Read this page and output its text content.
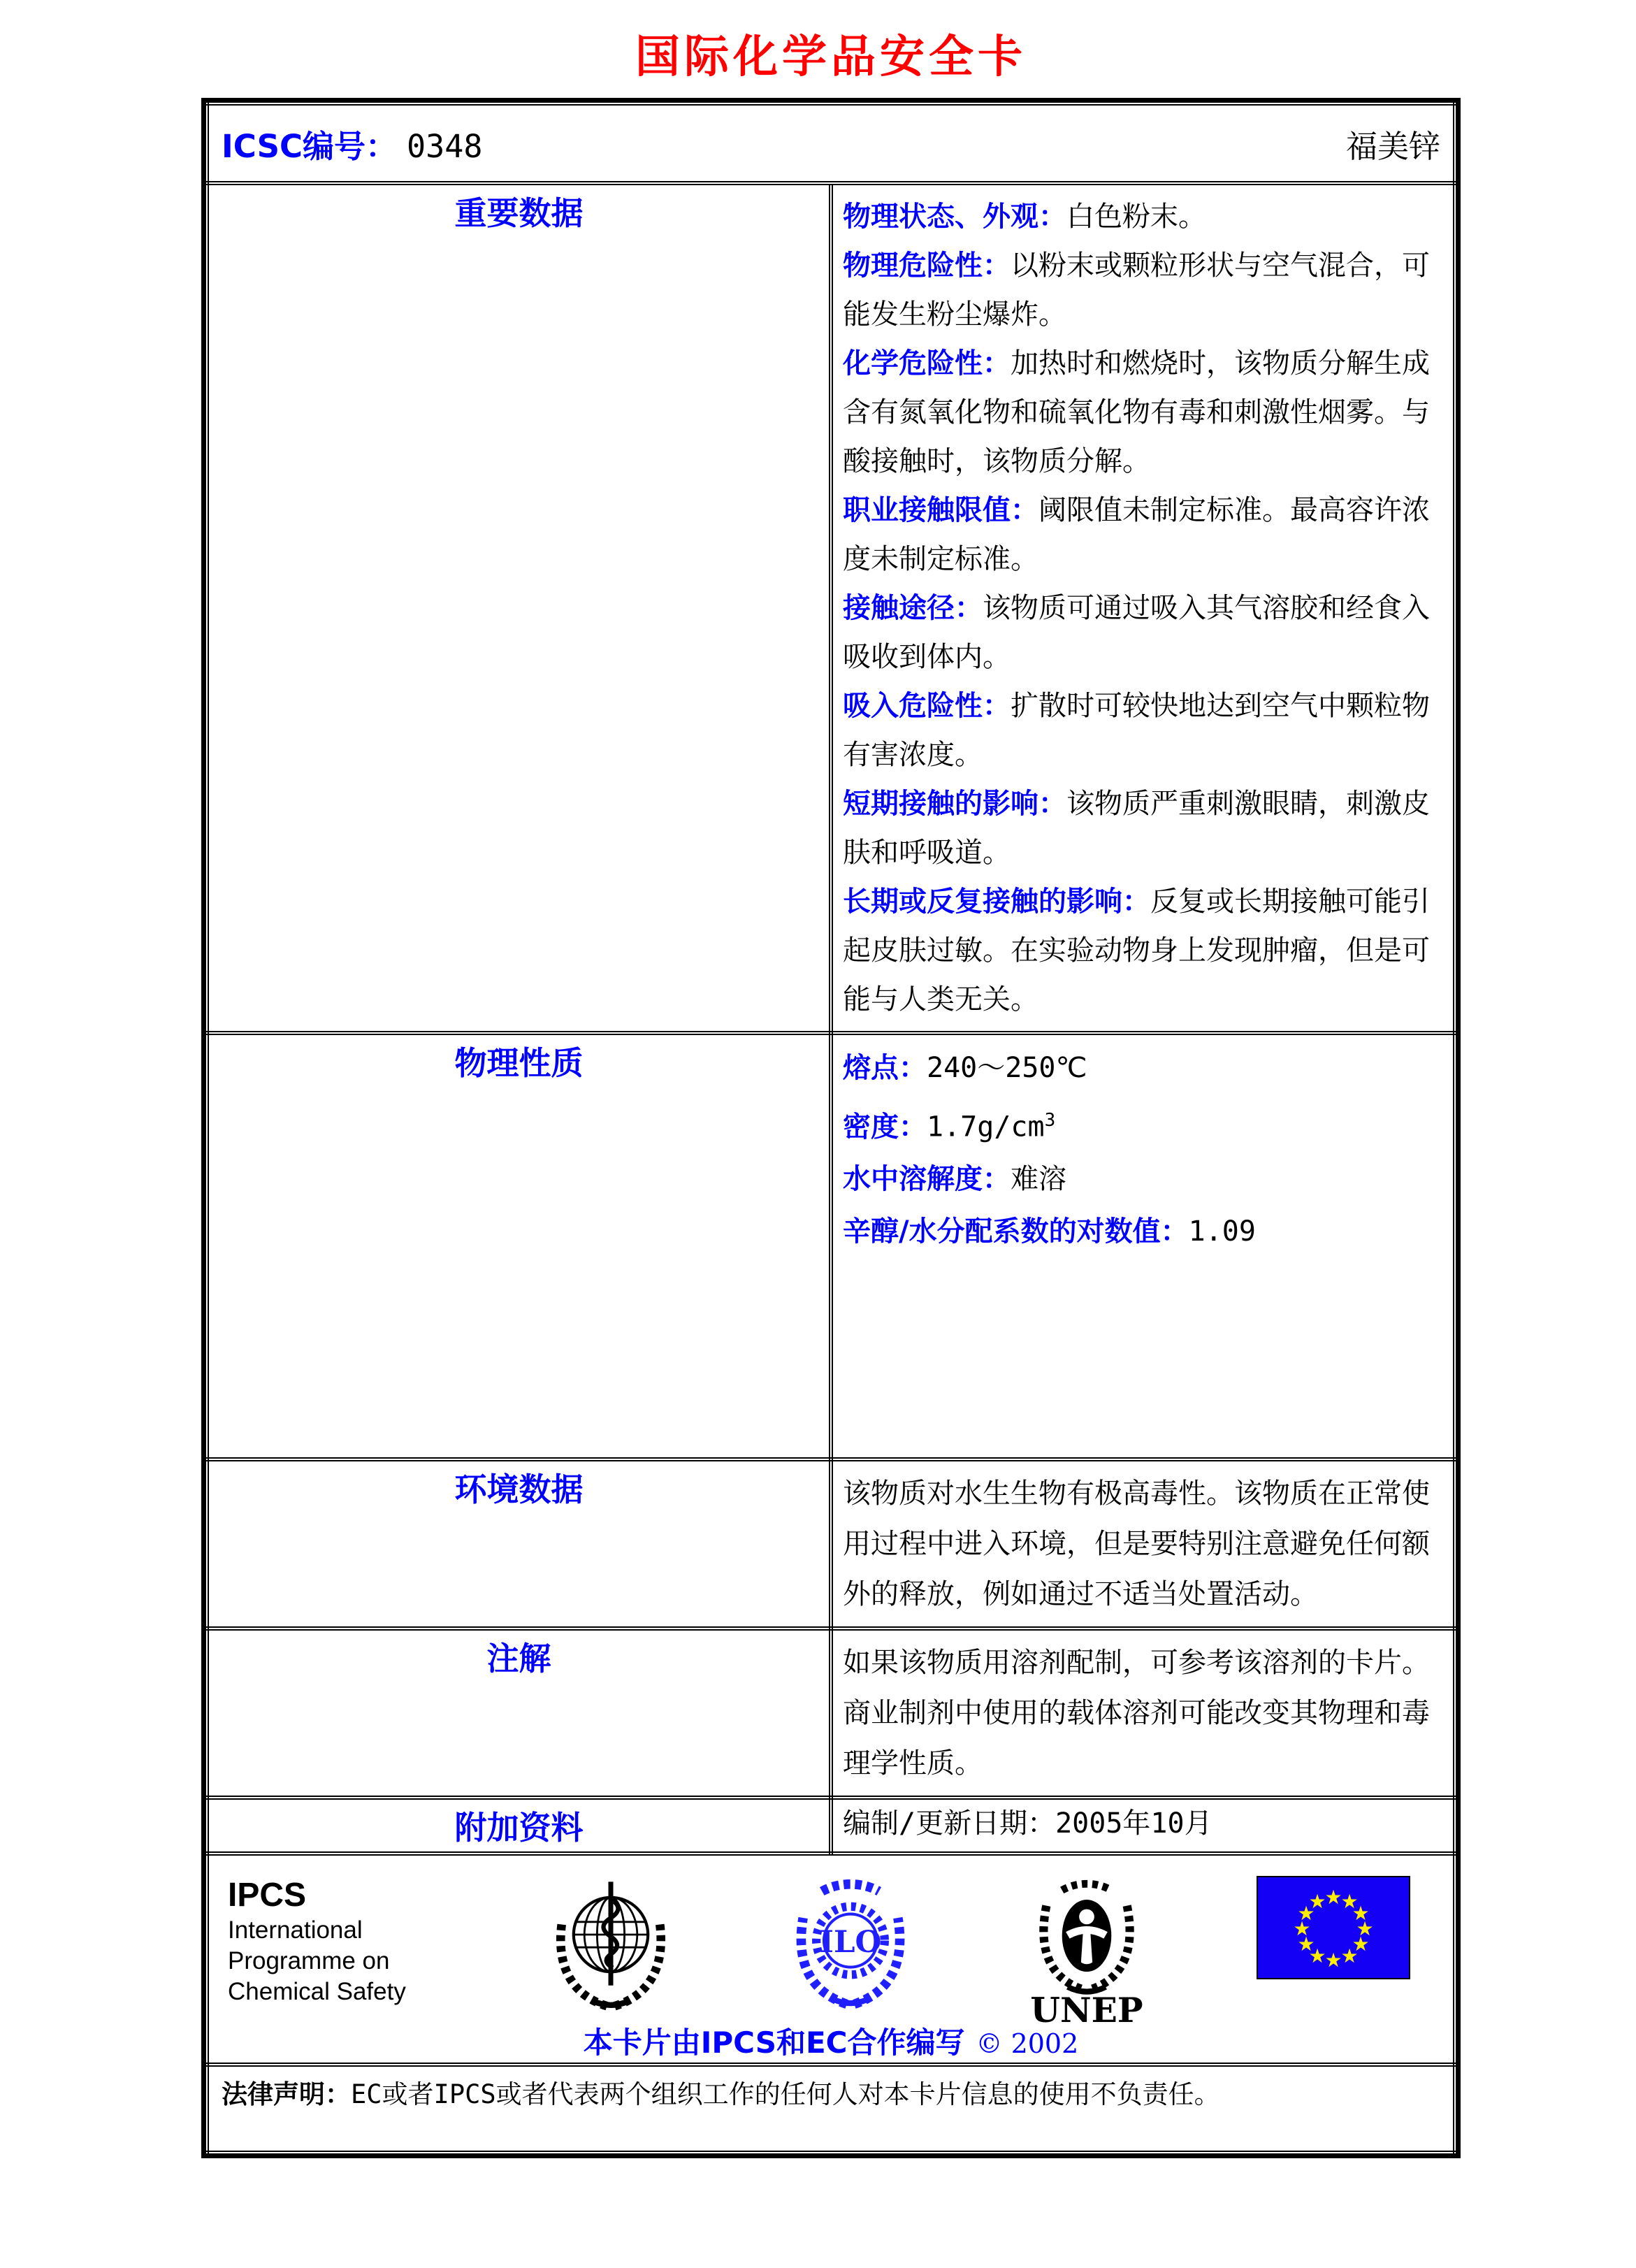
国际化学品安全卡
ICSC编号： 0348 福美锌	

重要数据	物理状态、外观：白色粉末。
物理危险性：以粉末或颗粒形状与空气混合，可能发生粉尘爆炸。
化学危险性：加热时和燃烧时，该物质分解生成含有氮氧化物和硫氧化物有毒和刺激性烟雾。与酸接触时，该物质分解。
职业接触限值：阈限值未制定标准。最高容许浓度未制定标准。
接触途径：该物质可通过吸入其气溶胶和经食入吸收到体内。
吸入危险性：扩散时可较快地达到空气中颗粒物有害浓度。
短期接触的影响：该物质严重刺激眼睛，刺激皮肤和呼吸道。
长期或反复接触的影响：反复或长期接触可能引起皮肤过敏。在实验动物身上发现肿瘤，但是可能与人类无关。

物理性质	熔点：240～250℃
密度：$1.7g/cm^3$
水中溶解度：难溶
辛醇/水分配系数的对数值：1.09

环境数据	该物质对水生生物有极高毒性。该物质在正常使用过程中进入环境，但是要特别注意避免任何额外的释放，例如通过不适当处置活动。

注解	如果该物质用溶剂配制，可参考该溶剂的卡片。商业制剂中使用的载体溶剂可能改变其物理和毒理学性质。

附加资料	编制/更新日期：2005年10月

IPCS
International
Programme on
Chemical Safety
ILO
UNEP
★
★
★
★
★
★
★
★
★
★
★
★
本卡片由IPCS和EC合作编写 © 2002

法律声明：EC或者IPCS或者代表两个组织工作的任何人对本卡片信息的使用不负责任。	
